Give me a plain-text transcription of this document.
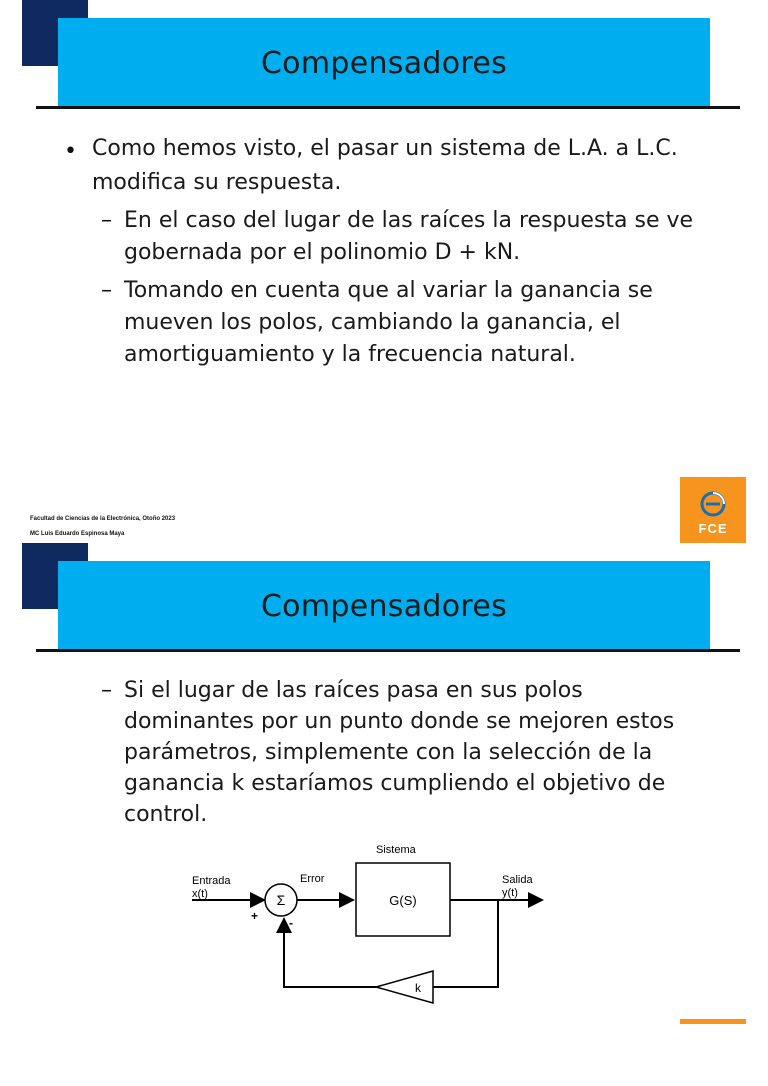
Compensadores
• Como hemos visto, el pasar un sistema de L.A. a L.C.
modifica su respuesta.
– En el caso del lugar de las raíces la respuesta se ve
gobernada por el polinomio D + kN.
– Tomando en cuenta que al variar la ganancia se
mueven los polos, cambiando la ganancia, el
amortiguamiento y la frecuencia natural.
Facultad de Ciencias de la Electrónica, Otoño 2023
MC Luis Eduardo Espinosa Maya	FCE
Compensadores
– Si el lugar de las raíces pasa en sus polos
dominantes por un punto donde se mejoren estos
parámetros, simplemente con la selección de la
ganancia k estaríamos cumpliendo el objetivo de
control.
Σ	G(S)
k
Sistema
Entrada
x(t)
Error	Salida
y(t)
+	-
